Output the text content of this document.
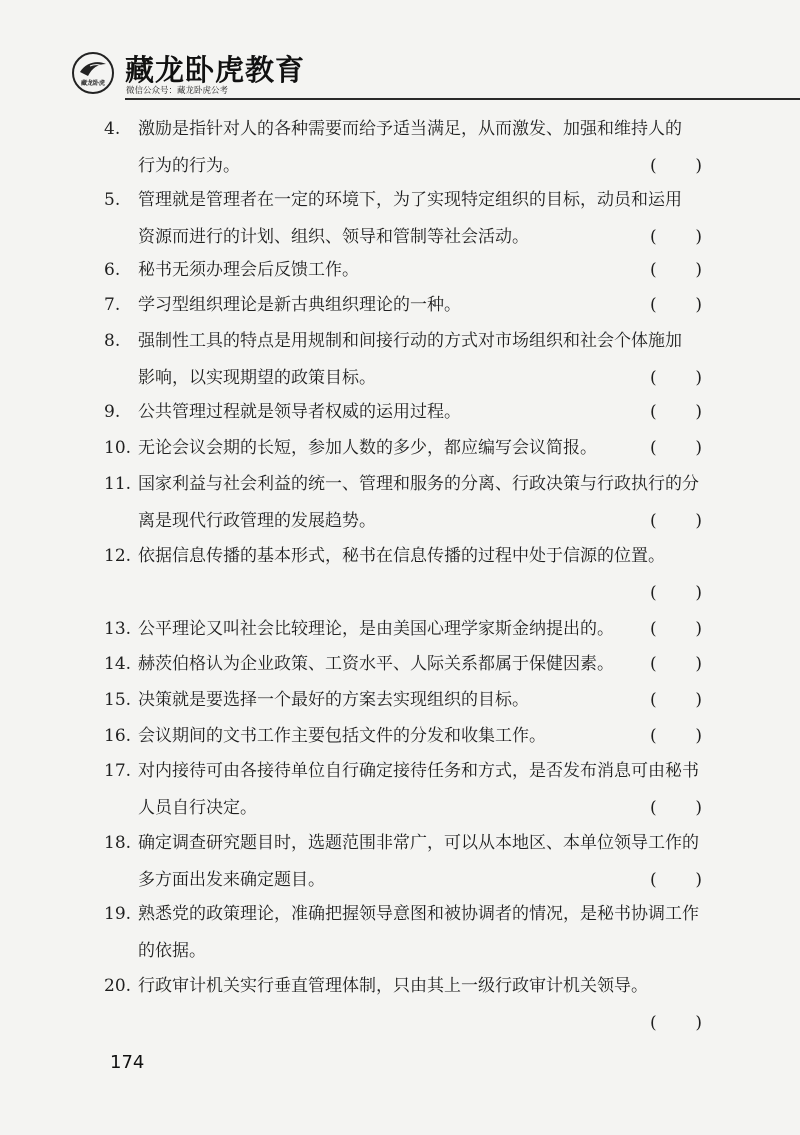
藏龙卧虎 藏龙卧虎教育
微信公众号：藏龙卧虎公考
4.	激励是指针对人的各种需要而给予适当满足，从而激发、加强和维持人的
行为的行为。	( )
5.	管理就是管理者在一定的环境下，为了实现特定组织的目标，动员和运用
资源而进行的计划、组织、领导和管制等社会活动。	( )
6.	秘书无须办理会后反馈工作。	( )
7.	学习型组织理论是新古典组织理论的一种。	( )
8.	强制性工具的特点是用规制和间接行动的方式对市场组织和社会个体施加
影响，以实现期望的政策目标。	( )
9.	公共管理过程就是领导者权威的运用过程。	( )
10. 无论会议会期的长短，参加人数的多少，都应编写会议简报。	( )
11. 国家利益与社会利益的统一、管理和服务的分离、行政决策与行政执行的分
离是现代行政管理的发展趋势。	( )
12. 依据信息传播的基本形式，秘书在信息传播的过程中处于信源的位置。
( )
13. 公平理论又叫社会比较理论，是由美国心理学家斯金纳提出的。	( )
14. 赫茨伯格认为企业政策、工资水平、人际关系都属于保健因素。	( )
15. 决策就是要选择一个最好的方案去实现组织的目标。	( )
16. 会议期间的文书工作主要包括文件的分发和收集工作。	( )
17. 对内接待可由各接待单位自行确定接待任务和方式，是否发布消息可由秘书
人员自行决定。	( )
18. 确定调查研究题目时，选题范围非常广，可以从本地区、本单位领导工作的
多方面出发来确定题目。	( )
19. 熟悉党的政策理论，准确把握领导意图和被协调者的情况，是秘书协调工作
的依据。
20. 行政审计机关实行垂直管理体制，只由其上一级行政审计机关领导。
( )
174
